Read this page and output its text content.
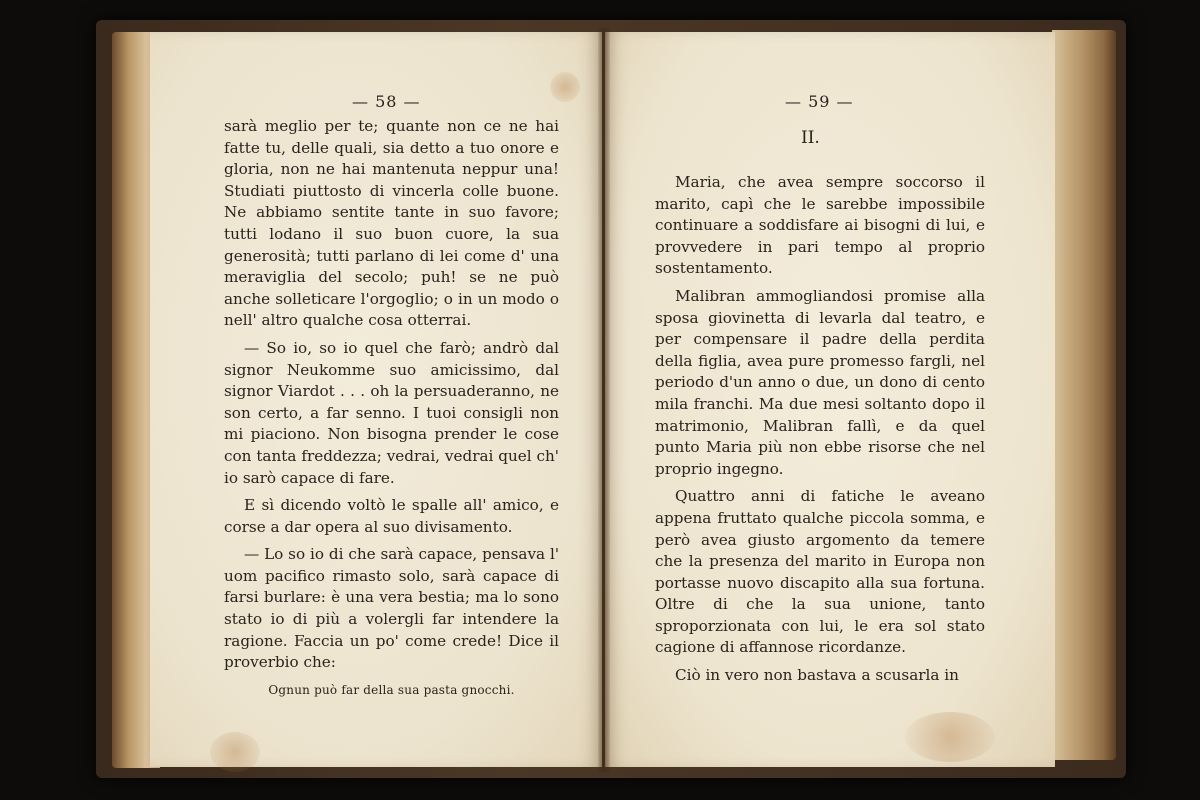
— 58 —

sarà meglio per te; quante non ce ne hai fatte tu, delle quali, sia detto a tuo onore e gloria, non ne hai mantenuta neppur una! Studiati piuttosto di vincerla colle buone. Ne abbiamo sentite tante in suo favore; tutti lodano il suo buon cuore, la sua generosità; tutti parlano di lei come d' una meraviglia del secolo; puh! se ne può anche solleticare l'orgoglio; o in un modo o nell' altro qualche cosa otterrai.

— So io, so io quel che farò; andrò dal signor Neukomme suo amicissimo, dal signor Viardot . . . oh la persuaderanno, ne son certo, a far senno. I tuoi consigli non mi piaciono. Non bisogna prender le cose con tanta freddezza; vedrai, vedrai quel ch' io sarò capace di fare.

E sì dicendo voltò le spalle all' amico, e corse a dar opera al suo divisamento.

— Lo so io di che sarà capace, pensava l' uom pacifico rimasto solo, sarà capace di farsi burlare: è una vera bestia; ma lo sono stato io di più a volergli far intendere la ragione. Faccia un po' come crede! Dice il proverbio che:

Ognun può far della sua pasta gnocchi.

— 59 —
II.

Maria, che avea sempre soccorso il marito, capì che le sarebbe impossibile continuare a soddisfare ai bisogni di lui, e provvedere in pari tempo al proprio sostentamento.

Malibran ammogliandosi promise alla sposa giovinetta di levarla dal teatro, e per compensare il padre della perdita della figlia, avea pure promesso fargli, nel periodo d'un anno o due, un dono di cento mila franchi. Ma due mesi soltanto dopo il matrimonio, Malibran fallì, e da quel punto Maria più non ebbe risorse che nel proprio ingegno.

Quattro anni di fatiche le aveano appena fruttato qualche piccola somma, e però avea giusto argomento da temere che la presenza del marito in Europa non portasse nuovo discapito alla sua fortuna. Oltre di che la sua unione, tanto sproporzionata con lui, le era sol stato cagione di affannose ricordanze.

Ciò in vero non bastava a scusarla in
